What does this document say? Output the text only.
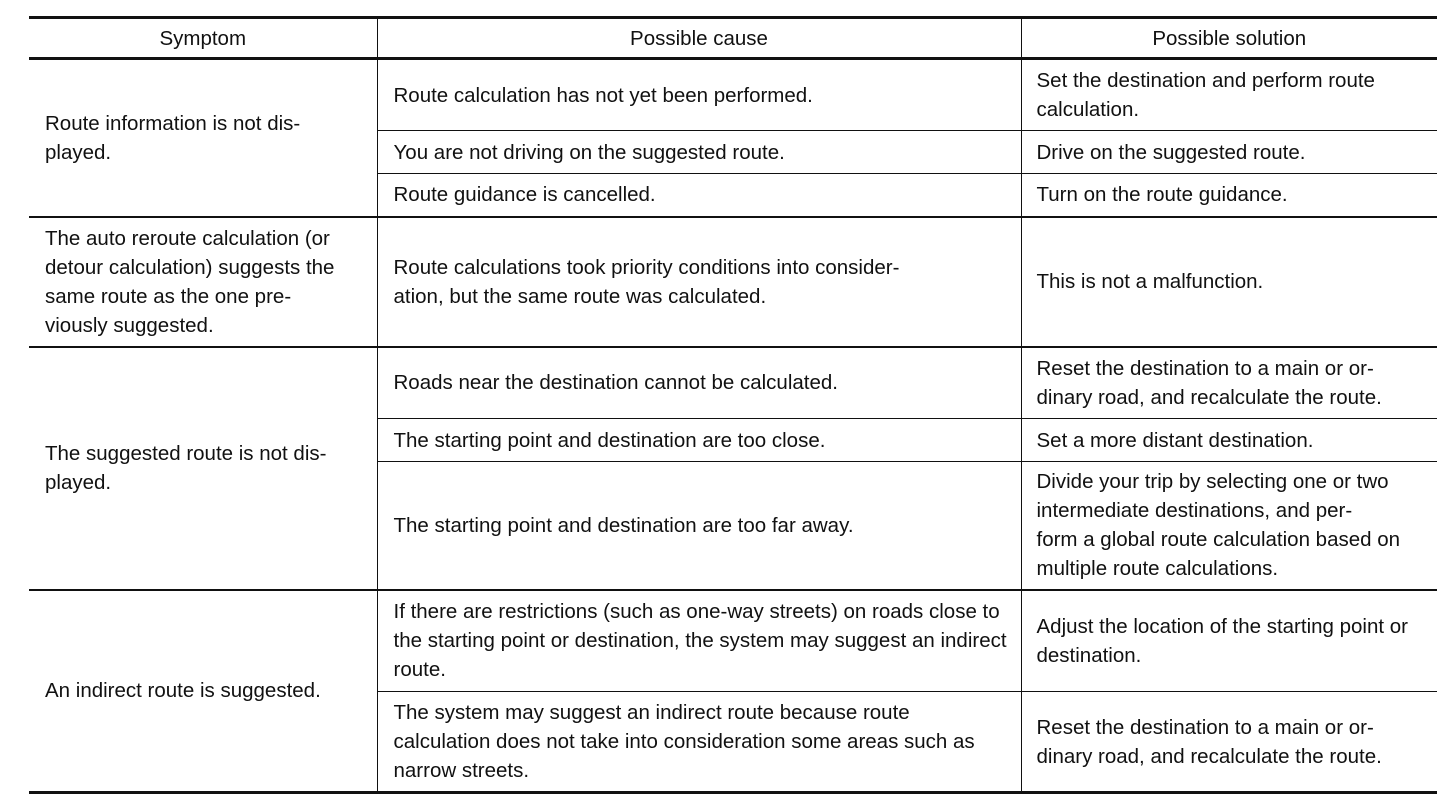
Symptom	Possible cause	Possible solution

Route information is not dis-
played.	Route calculation has not yet been performed.	Set the destination and perform route calculation.

	You are not driving on the suggested route.	Drive on the suggested route.

	Route guidance is cancelled.	Turn on the route guidance.

The auto reroute calculation (or detour calculation) suggests the same route as the one pre-
viously suggested.	Route calculations took priority conditions into consider-
ation, but the same route was calculated.	This is not a malfunction.

The suggested route is not dis-
played.	Roads near the destination cannot be calculated.	Reset the destination to a main or or-
dinary road, and recalculate the route.

	The starting point and destination are too close.	Set a more distant destination.

	The starting point and destination are too far away.	Divide your trip by selecting one or two intermediate destinations, and per-
form a global route calculation based on multiple route calculations.

An indirect route is suggested.	If there are restrictions (such as one-way streets) on roads close to the starting point or destination, the system may suggest an indirect route.	Adjust the location of the starting point or destination.

	The system may suggest an indirect route because route calculation does not take into consideration some areas such as narrow streets.	Reset the destination to a main or or-
dinary road, and recalculate the route.
